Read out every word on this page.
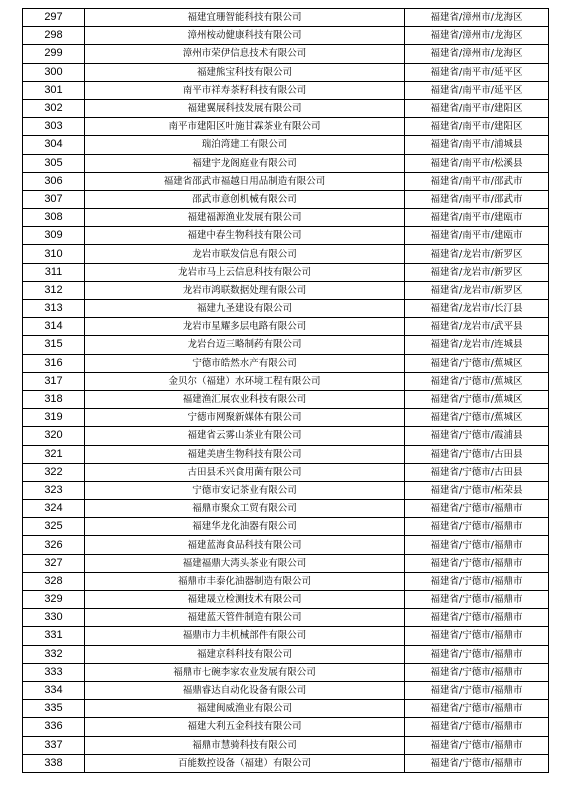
297	福建宜珊智能科技有限公司	福建省/漳州市/龙海区
298	漳州桉动健康科技有限公司	福建省/漳州市/龙海区
299	漳州市荣伊信息技术有限公司	福建省/漳州市/龙海区
300	福建熊宝科技有限公司	福建省/南平市/延平区
301	南平市祥寿茶籽科技有限公司	福建省/南平市/延平区
302	福建翼展科技发展有限公司	福建省/南平市/建阳区
303	南平市建阳区叶施甘霖茶业有限公司	福建省/南平市/建阳区
304	瑞泊湾建工有限公司	福建省/南平市/浦城县
305	福建宇龙阁庭业有限公司	福建省/南平市/松溪县
306	福建省邵武市福越日用品制造有限公司	福建省/南平市/邵武市
307	邵武市意创机械有限公司	福建省/南平市/邵武市
308	福建福源渔业发展有限公司	福建省/南平市/建瓯市
309	福建中春生物科技有限公司	福建省/南平市/建瓯市
310	龙岩市联发信息有限公司	福建省/龙岩市/新罗区
311	龙岩市马上云信息科技有限公司	福建省/龙岩市/新罗区
312	龙岩市鸿联数据处理有限公司	福建省/龙岩市/新罗区
313	福建九圣建设有限公司	福建省/龙岩市/长汀县
314	龙岩市星耀多层电路有限公司	福建省/龙岩市/武平县
315	龙岩台迈三略制药有限公司	福建省/龙岩市/连城县
316	宁德市皓然水产有限公司	福建省/宁德市/蕉城区
317	金贝尔（福建）水环境工程有限公司	福建省/宁德市/蕉城区
318	福建渔汇展农业科技有限公司	福建省/宁德市/蕉城区
319	宁德市网聚新媒体有限公司	福建省/宁德市/蕉城区
320	福建省云雾山茶业有限公司	福建省/宁德市/霞浦县
321	福建美唐生物科技有限公司	福建省/宁德市/古田县
322	古田县禾兴食用菌有限公司	福建省/宁德市/古田县
323	宁德市安记茶业有限公司	福建省/宁德市/柘荣县
324	福鼎市聚众工贸有限公司	福建省/宁德市/福鼎市
325	福建华龙化油器有限公司	福建省/宁德市/福鼎市
326	福建蓝海食品科技有限公司	福建省/宁德市/福鼎市
327	福建福鼎大湾头茶业有限公司	福建省/宁德市/福鼎市
328	福鼎市丰泰化油器制造有限公司	福建省/宁德市/福鼎市
329	福建晟立检测技术有限公司	福建省/宁德市/福鼎市
330	福建蓝天管件制造有限公司	福建省/宁德市/福鼎市
331	福鼎市力丰机械部件有限公司	福建省/宁德市/福鼎市
332	福建京科科技有限公司	福建省/宁德市/福鼎市
333	福鼎市七碗李家农业发展有限公司	福建省/宁德市/福鼎市
334	福鼎睿达自动化设备有限公司	福建省/宁德市/福鼎市
335	福建闽威渔业有限公司	福建省/宁德市/福鼎市
336	福建大利五金科技有限公司	福建省/宁德市/福鼎市
337	福鼎市慧骑科技有限公司	福建省/宁德市/福鼎市
338	百能数控设备（福建）有限公司	福建省/宁德市/福鼎市
